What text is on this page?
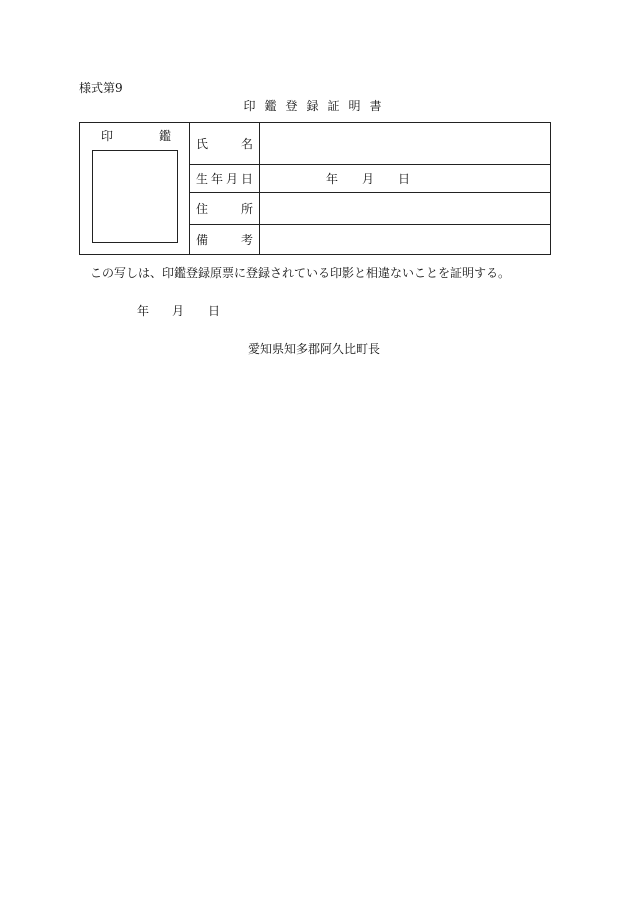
様式第9
印鑑登録証明書
印	鑑
氏	名
生 年 月 日	年 月 日
住	所
備	考
この写しは、印鑑登録原票に登録されている印影と相違ないことを証明する。
年 月 日
愛知県知多郡阿久比町長
